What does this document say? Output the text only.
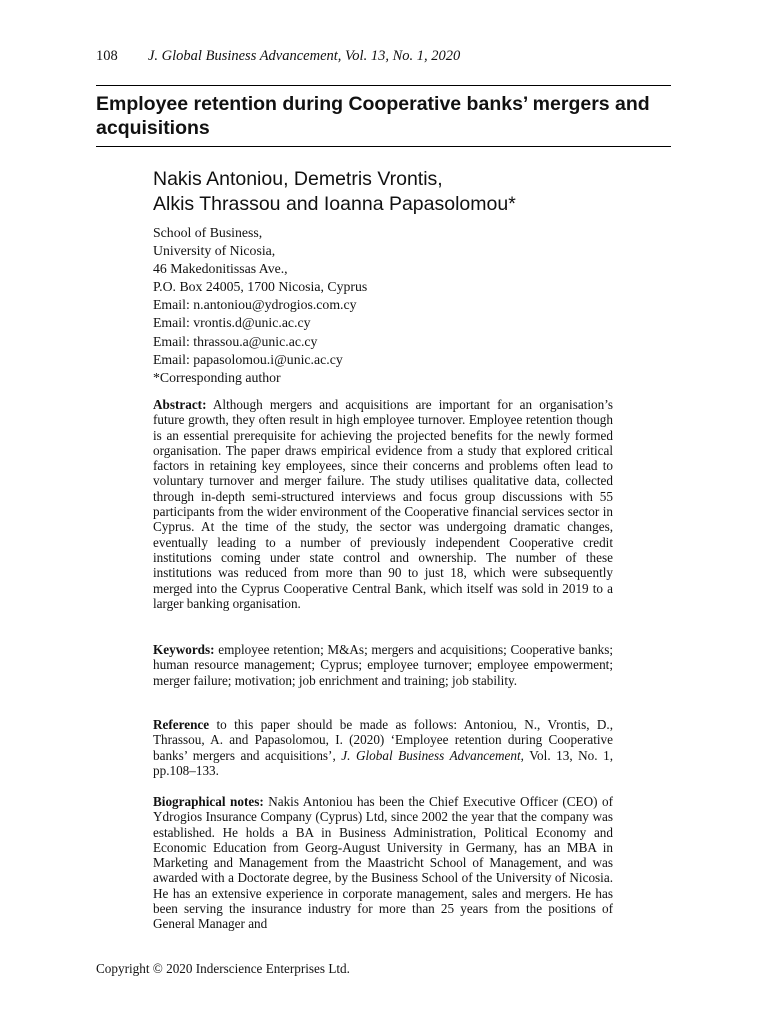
108 J. Global Business Advancement, Vol. 13, No. 1, 2020
Employee retention during Cooperative banks’ mergers and acquisitions
Nakis Antoniou, Demetris Vrontis,
Alkis Thrassou and Ioanna Papasolomou*
School of Business,
University of Nicosia,
46 Makedonitissas Ave.,
P.O. Box 24005, 1700 Nicosia, Cyprus
Email: n.antoniou@ydrogios.com.cy
Email: vrontis.d@unic.ac.cy
Email: thrassou.a@unic.ac.cy
Email: papasolomou.i@unic.ac.cy
*Corresponding author

Abstract: Although mergers and acquisitions are important for an organisation’s future growth, they often result in high employee turnover. Employee retention though is an essential prerequisite for achieving the projected benefits for the newly formed organisation. The paper draws empirical evidence from a study that explored critical factors in retaining key employees, since their concerns and problems often lead to voluntary turnover and merger failure. The study utilises qualitative data, collected through in-depth semi-structured interviews and focus group discussions with 55 participants from the wider environment of the Cooperative financial services sector in Cyprus. At the time of the study, the sector was undergoing dramatic changes, eventually leading to a number of previously independent Cooperative credit institutions coming under state control and ownership. The number of these institutions was reduced from more than 90 to just 18, which were subsequently merged into the Cyprus Cooperative Central Bank, which itself was sold in 2019 to a larger banking organisation.

Keywords: employee retention; M&As; mergers and acquisitions; Cooperative banks; human resource management; Cyprus; employee turnover; employee empowerment; merger failure; motivation; job enrichment and training; job stability.

Reference to this paper should be made as follows: Antoniou, N., Vrontis, D., Thrassou, A. and Papasolomou, I. (2020) ‘Employee retention during Cooperative banks’ mergers and acquisitions’, J. Global Business Advancement, Vol. 13, No. 1, pp.108–133.

Biographical notes: Nakis Antoniou has been the Chief Executive Officer (CEO) of Ydrogios Insurance Company (Cyprus) Ltd, since 2002 the year that the company was established. He holds a BA in Business Administration, Political Economy and Economic Education from Georg-August University in Germany, has an MBA in Marketing and Management from the Maastricht School of Management, and was awarded with a Doctorate degree, by the Business School of the University of Nicosia. He has an extensive experience in corporate management, sales and mergers. He has been serving the insurance industry for more than 25 years from the positions of General Manager and

Copyright © 2020 Inderscience Enterprises Ltd.
